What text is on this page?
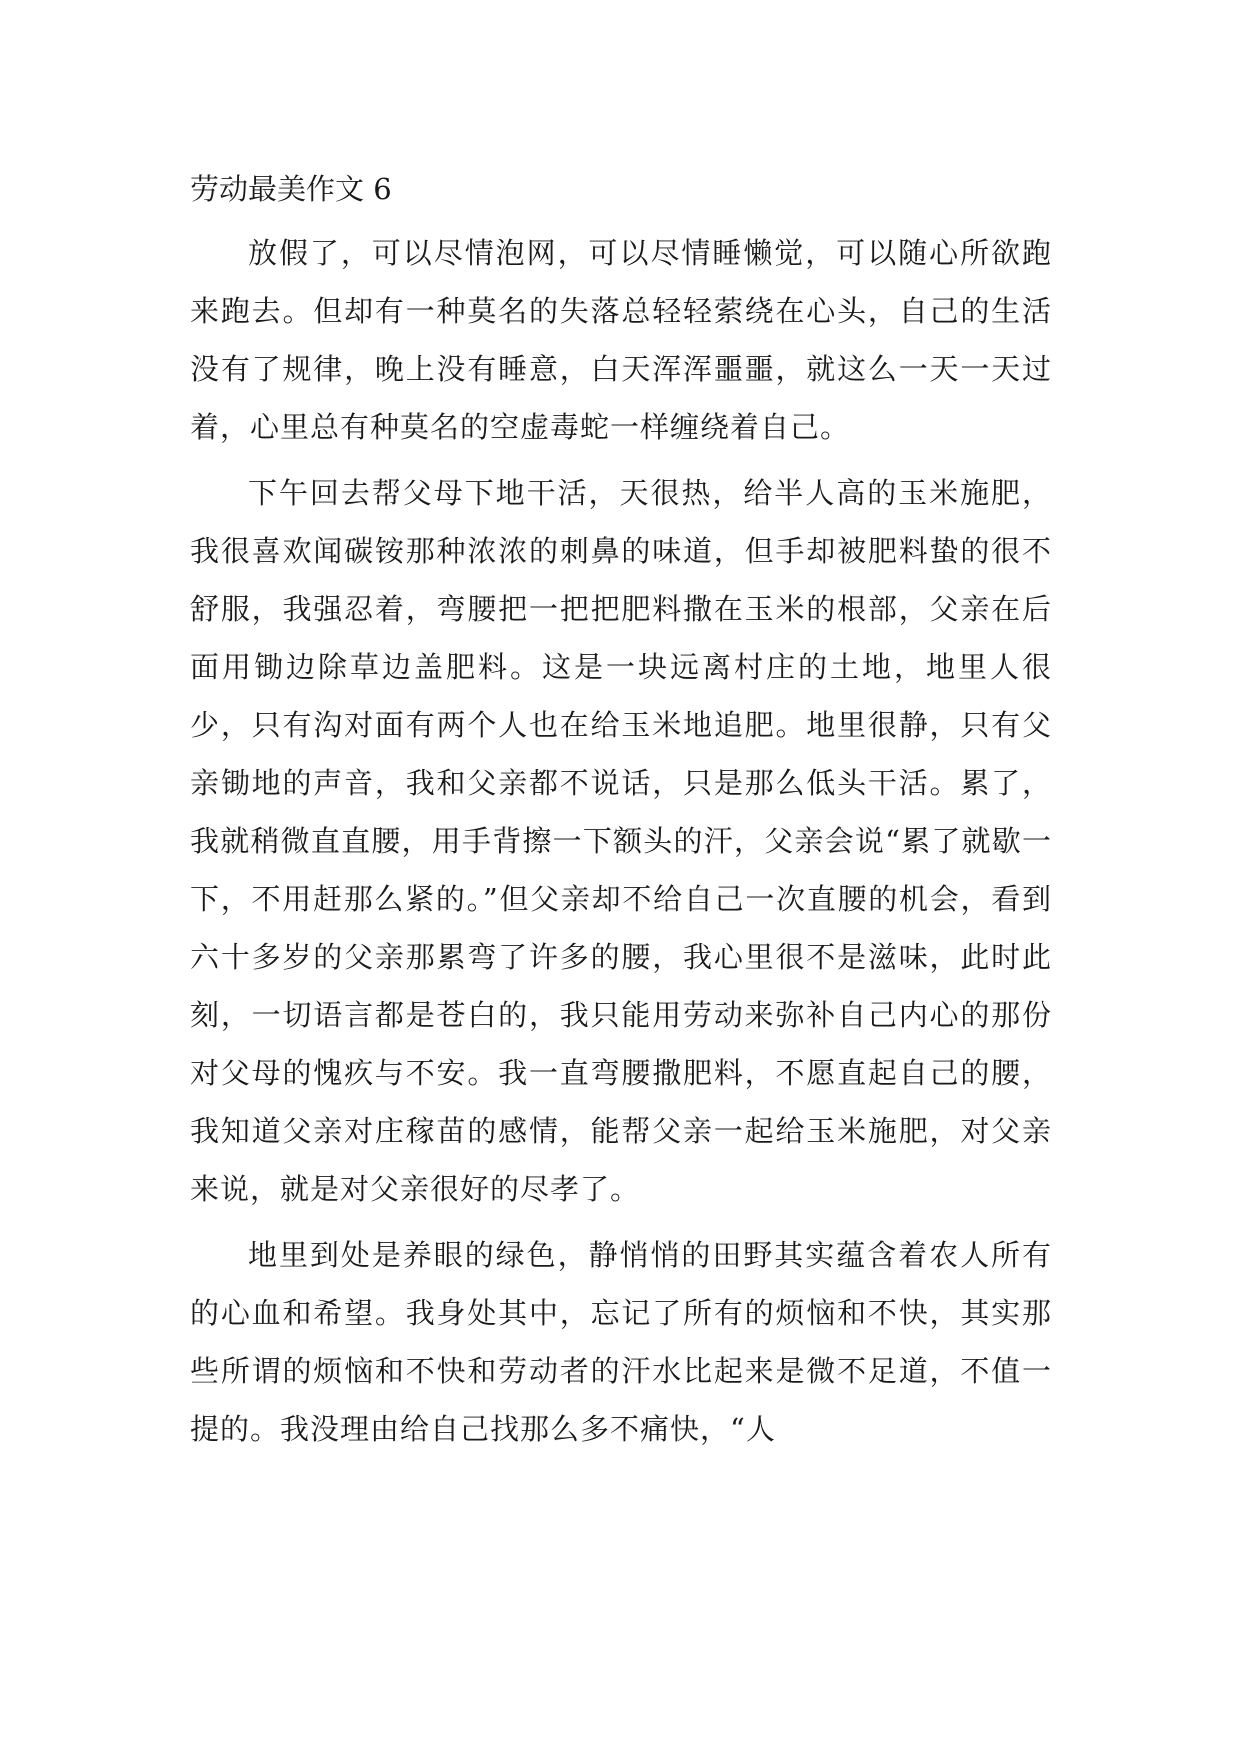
劳动最美作文 6

放假了，可以尽情泡网，可以尽情睡懒觉，可以随心所欲跑来跑去。但却有一种莫名的失落总轻轻萦绕在心头，自己的生活没有了规律，晚上没有睡意，白天浑浑噩噩，就这么一天一天过着，心里总有种莫名的空虚毒蛇一样缠绕着自己。

下午回去帮父母下地干活，天很热，给半人高的玉米施肥，我很喜欢闻碳铵那种浓浓的刺鼻的味道，但手却被肥料蛰的很不舒服，我强忍着，弯腰把一把把肥料撒在玉米的根部，父亲在后面用锄边除草边盖肥料。这是一块远离村庄的土地，地里人很少，只有沟对面有两个人也在给玉米地追肥。地里很静，只有父亲锄地的声音，我和父亲都不说话，只是那么低头干活。累了，我就稍微直直腰，用手背擦一下额头的汗，父亲会说“累了就歇一下，不用赶那么紧的。”但父亲却不给自己一次直腰的机会，看到六十多岁的父亲那累弯了许多的腰，我心里很不是滋味，此时此刻，一切语言都是苍白的，我只能用劳动来弥补自己内心的那份对父母的愧疚与不安。我一直弯腰撒肥料，不愿直起自己的腰，我知道父亲对庄稼苗的感情，能帮父亲一起给玉米施肥，对父亲来说，就是对父亲很好的尽孝了。

地里到处是养眼的绿色，静悄悄的田野其实蕴含着农人所有的心血和希望。我身处其中，忘记了所有的烦恼和不快，其实那些所谓的烦恼和不快和劳动者的汗水比起来是微不足道，不值一提的。我没理由给自己找那么多不痛快，“人
